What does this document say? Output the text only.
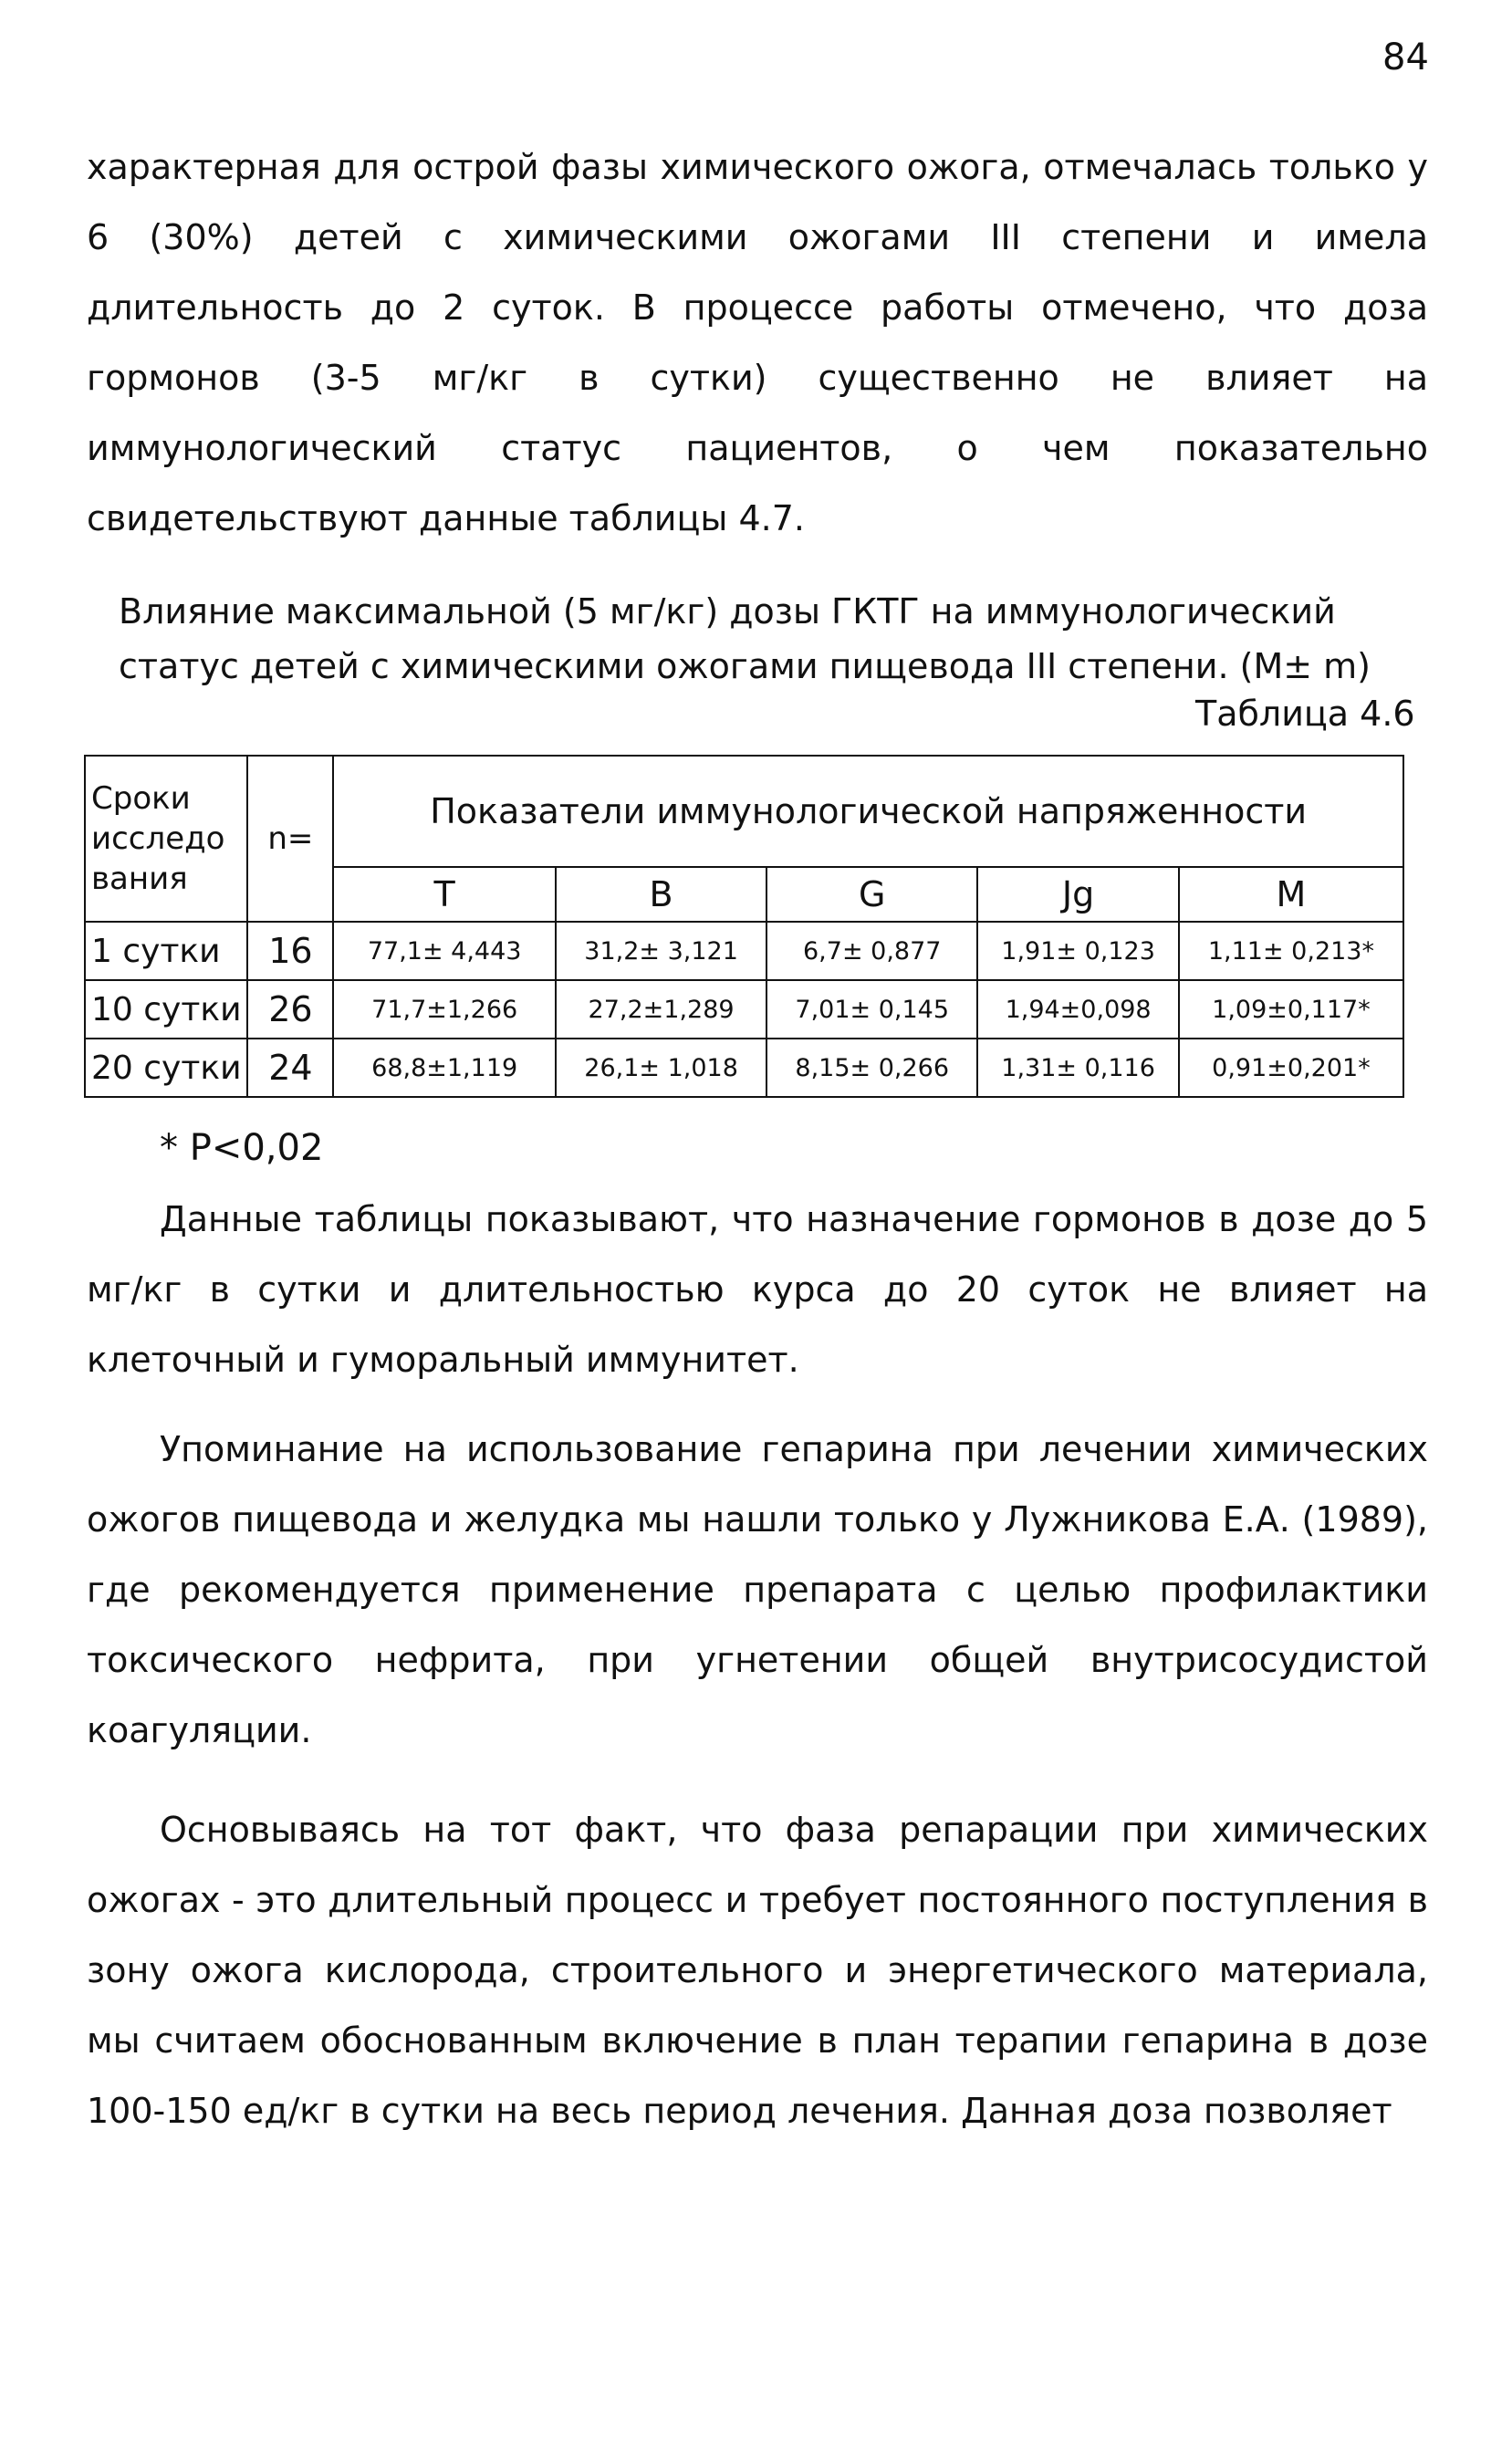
84

характерная для острой фазы химического ожога, отмечалась только у 6 (30%) детей с химическими ожогами III степени и имела длительность до 2 суток. В процессе работы отмечено, что доза гормонов (3-5 мг/кг в сутки) существенно не влияет на иммунологический статус пациентов, о чем показательно свидетельствуют данные таблицы 4.7.

Влияние максимальной (5 мг/кг) дозы ГКТГ на иммунологический

статус детей с химическими ожогами пищевода III степени. (M± m)

Таблица 4.6
Сроки исследо вания	n=	Показатели иммунологической напряженности				
		T	B	G	Jg	M
1 сутки	16	77,1± 4,443	31,2± 3,121	6,7± 0,877	1,91± 0,123	1,11± 0,213*
10 сутки	26	71,7±1,266	27,2±1,289	7,01± 0,145	1,94±0,098	1,09±0,117*
20 сутки	24	68,8±1,119	26,1± 1,018	8,15± 0,266	1,31± 0,116	0,91±0,201*
* P<0,02

Данные таблицы показывают, что назначение гормонов в дозе до 5 мг/кг в сутки и длительностью курса до 20 суток не влияет на клеточный и гуморальный иммунитет.

Упоминание на использование гепарина при лечении химических ожогов пищевода и желудка мы нашли только у Лужникова Е.А. (1989), где рекомендуется применение препарата с целью профилактики токсического нефрита, при угнетении общей внутрисосудистой коагуляции.

Основываясь на тот факт, что фаза репарации при химических ожогах - это длительный процесс и требует постоянного поступления в зону ожога кислорода, строительного и энергетического материала, мы считаем обоснованным включение в план терапии гепарина в дозе 100-150 ед/кг в сутки на весь период лечения. Данная доза позволяет
